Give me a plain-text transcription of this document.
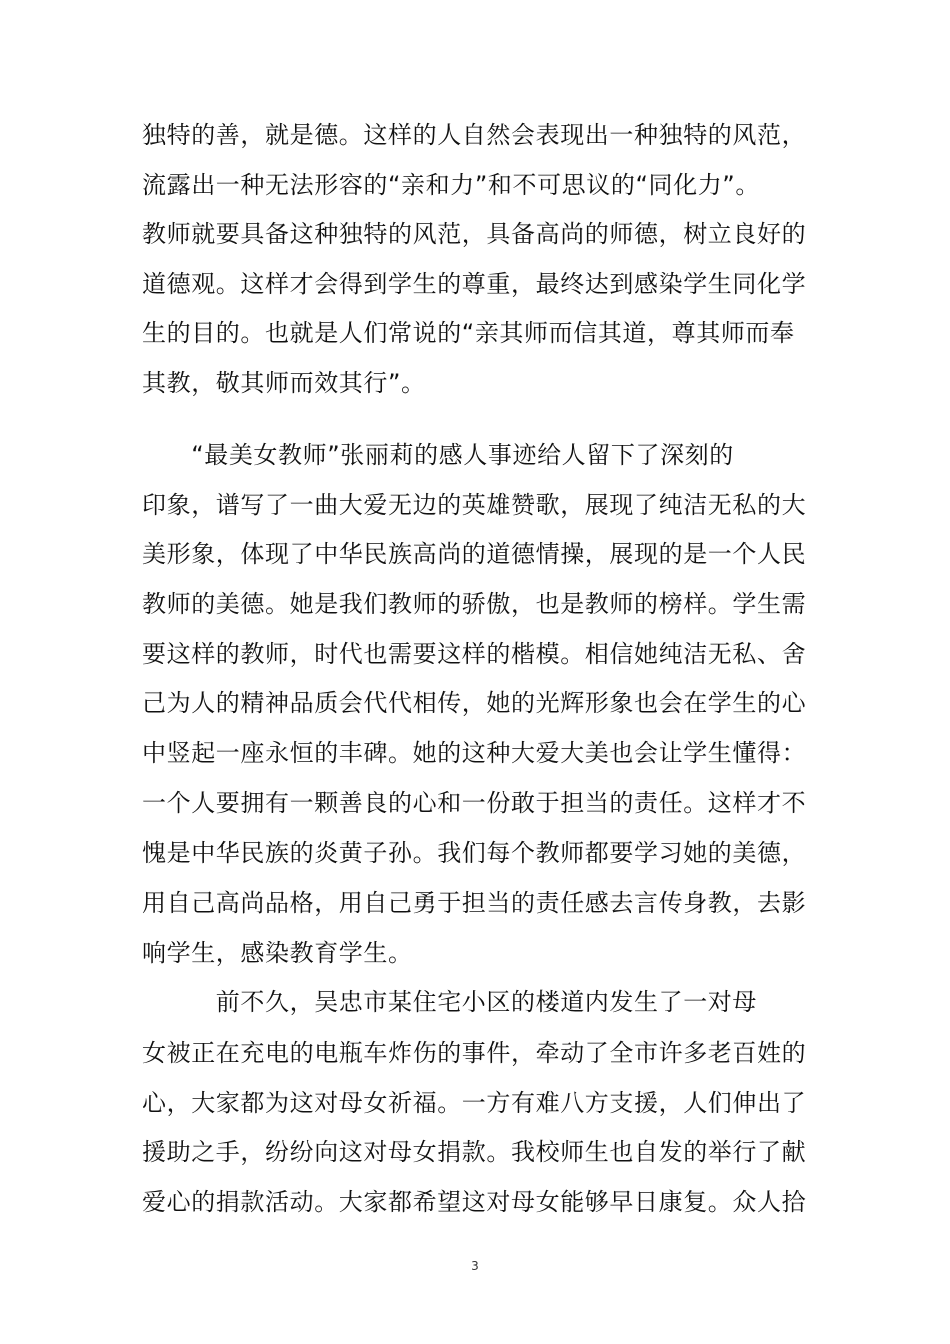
独特的善，就是德。这样的人自然会表现出一种独特的风范，
流露出一种无法形容的“亲和力”和不可思议的“同化力”。
教师就要具备这种独特的风范，具备高尚的师德，树立良好的
道德观。这样才会得到学生的尊重，最终达到感染学生同化学
生的目的。也就是人们常说的“亲其师而信其道，尊其师而奉
其教，敬其师而效其行”。
　　“最美女教师”张丽莉的感人事迹给人留下了深刻的
印象，谱写了一曲大爱无边的英雄赞歌，展现了纯洁无私的大
美形象，体现了中华民族高尚的道德情操，展现的是一个人民
教师的美德。她是我们教师的骄傲，也是教师的榜样。学生需
要这样的教师，时代也需要这样的楷模。相信她纯洁无私、舍
己为人的精神品质会代代相传，她的光辉形象也会在学生的心
中竖起一座永恒的丰碑。她的这种大爱大美也会让学生懂得：
一个人要拥有一颗善良的心和一份敢于担当的责任。这样才不
愧是中华民族的炎黄子孙。我们每个教师都要学习她的美德，
用自己高尚品格，用自己勇于担当的责任感去言传身教，去影
响学生，感染教育学生。
　　　前不久，吴忠市某住宅小区的楼道内发生了一对母
女被正在充电的电瓶车炸伤的事件，牵动了全市许多老百姓的
心，大家都为这对母女祈福。一方有难八方支援，人们伸出了
援助之手，纷纷向这对母女捐款。我校师生也自发的举行了献
爱心的捐款活动。大家都希望这对母女能够早日康复。众人拾
3
